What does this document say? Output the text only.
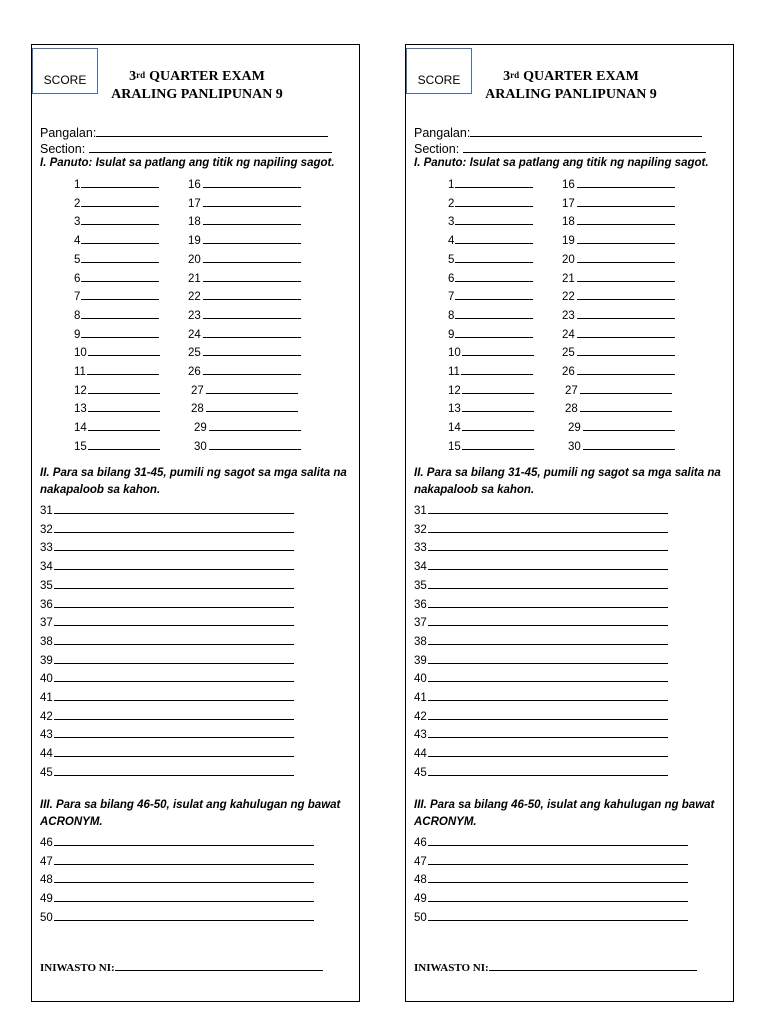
SCORE	3rd QUARTER EXAM
ARALING PANLIPUNAN 9
Pangalan:
Section:
I. Panuto: Isulat sa patlang ang titik ng napiling sagot.
1	16
2	17
3	18
4	19
5	20
6	21
7	22
8	23
9	24
10	25
11	26
12	27
13	28
14	29
15	30
II. Para sa bilang 31-45, pumili ng sagot sa mga salita na
nakapaloob sa kahon.
31
32
33
34
35
36
37
38
39
40
41
42
43
44
45
III. Para sa bilang 46-50, isulat ang kahulugan ng bawat
ACRONYM.
46
47
48
49
50
INIWASTO NI:
SCORE	3rd QUARTER EXAM
ARALING PANLIPUNAN 9
Pangalan:
Section:
I. Panuto: Isulat sa patlang ang titik ng napiling sagot.
1	16
2	17
3	18
4	19
5	20
6	21
7	22
8	23
9	24
10	25
11	26
12	27
13	28
14	29
15	30
II. Para sa bilang 31-45, pumili ng sagot sa mga salita na
nakapaloob sa kahon.
31
32
33
34
35
36
37
38
39
40
41
42
43
44
45
III. Para sa bilang 46-50, isulat ang kahulugan ng bawat
ACRONYM.
46
47
48
49
50
INIWASTO NI:
